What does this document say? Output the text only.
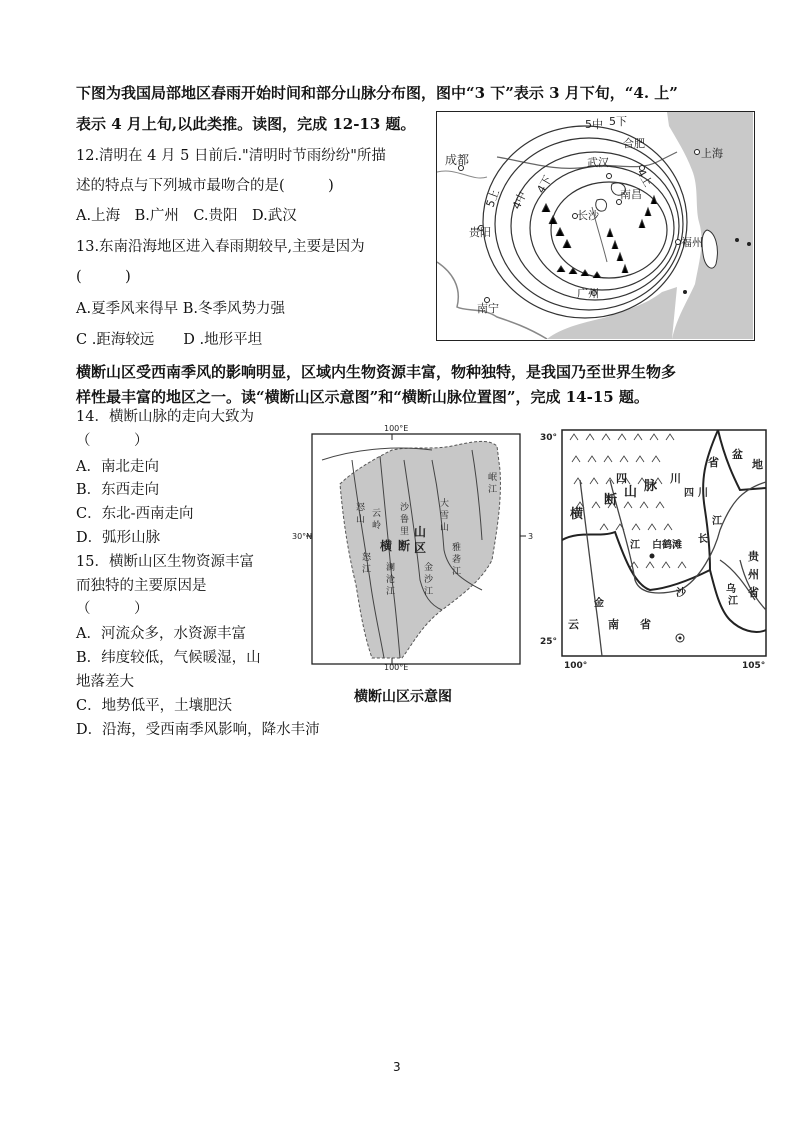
下图为我国局部地区春雨开始时间和部分山脉分布图，图中“3 下”表示 3 月下旬，“4. 上”
表示 4 月上旬,以此类推。读图，完成 12-13 题。
12.清明在 4 月 5 日前后."清明时节雨纷纷"所描
述的特点与下列城市最吻合的是(　　　)
A.上海　B.广州　C.贵阳　D.武汉
13.东南沿海地区进入春雨期较早,主要是因为
(　　　)
A.夏季风来得早 B.冬季风势力强
C .距海较远　　D .地形平坦
成都
合肥
上海
武汉
南昌
长沙
贵阳
福州
南宁
广州
5中 5下
5上 4中
4下	4上
横断山区受西南季风的影响明显，区域内生物资源丰富，物种独特，是我国乃至世界生物多
样性最丰富的地区之一。读“横断山区示意图”和“横断山脉位置图”，完成 14-15 题。
14．横断山脉的走向大致为
（　　　）
A．南北走向
B．东西走向
C．东北-西南走向
D．弧形山脉
15．横断山区生物资源丰富
而独特的主要原因是
（　　　）
A．河流众多，水资源丰富
B．纬度较低，气候暖湿，山
地落差大
C．地势低平，土壤肥沃
D．沿海，受西南季风影响，降水丰沛
100°E
100°E
30°N	3
横 断
山
区
怒
山
云
岭
沙
鲁
里
大
雪
山
岷
江
金
沙
江
澜
沧
江
怒
江
雅
砻
江
横断山区示意图
30°
25°
100°	105°
四	川
省
四 川
盆
地
横
断
山 脉
白鹤滩
金
沙
江
长
江
云	南 省
贵
州
省
乌
江
3
